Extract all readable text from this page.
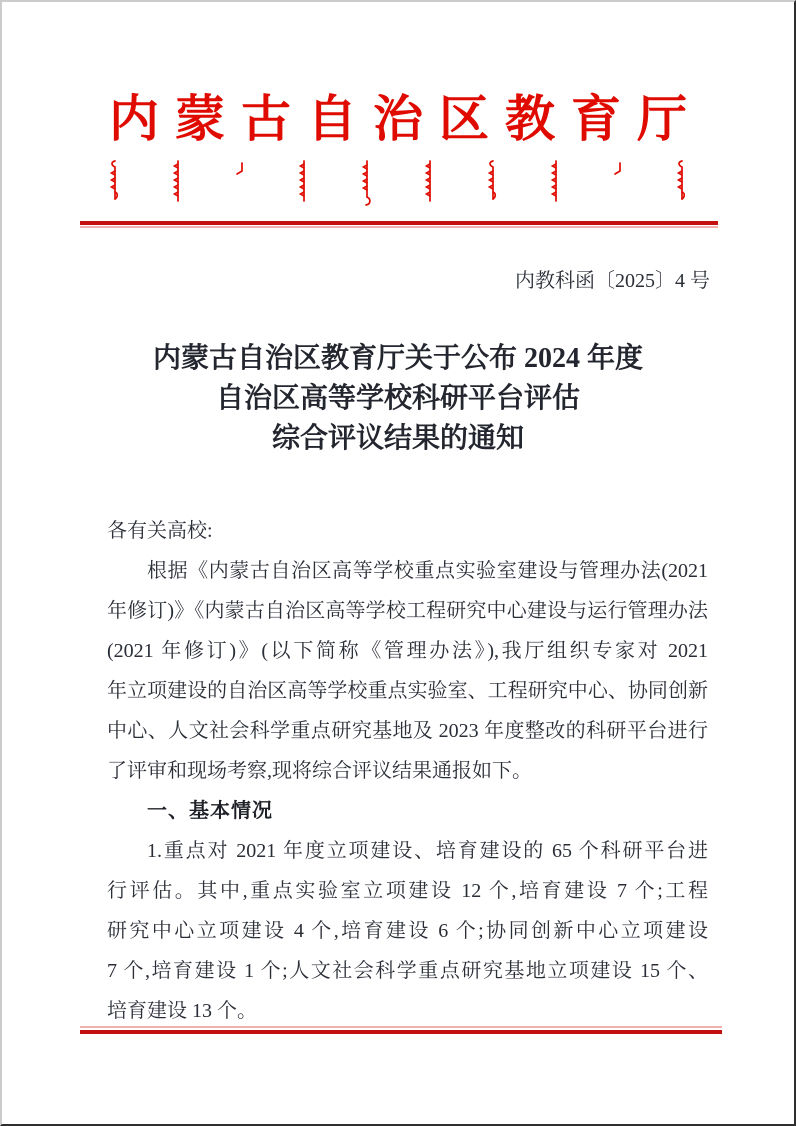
内蒙古自治区教育厅
内教科函〔2025〕4 号
内蒙古自治区教育厅关于公布 2024 年度
自治区高等学校科研平台评估
综合评议结果的通知
各有关高校:
根据《内蒙古自治区高等学校重点实验室建设与管理办法(2021
年修订)》《内蒙古自治区高等学校工程研究中心建设与运行管理办法
(2021 年修订)》(以下简称《管理办法》),我厅组织专家对 2021
年立项建设的自治区高等学校重点实验室、工程研究中心、协同创新
中心、人文社会科学重点研究基地及 2023 年度整改的科研平台进行
了评审和现场考察,现将综合评议结果通报如下。
一、基本情况
1.重点对 2021 年度立项建设、培育建设的 65 个科研平台进
行评估。其中,重点实验室立项建设 12 个,培育建设 7 个;工程
研究中心立项建设 4 个,培育建设 6 个;协同创新中心立项建设
7 个,培育建设 1 个;人文社会科学重点研究基地立项建设 15 个、
培育建设 13 个。
